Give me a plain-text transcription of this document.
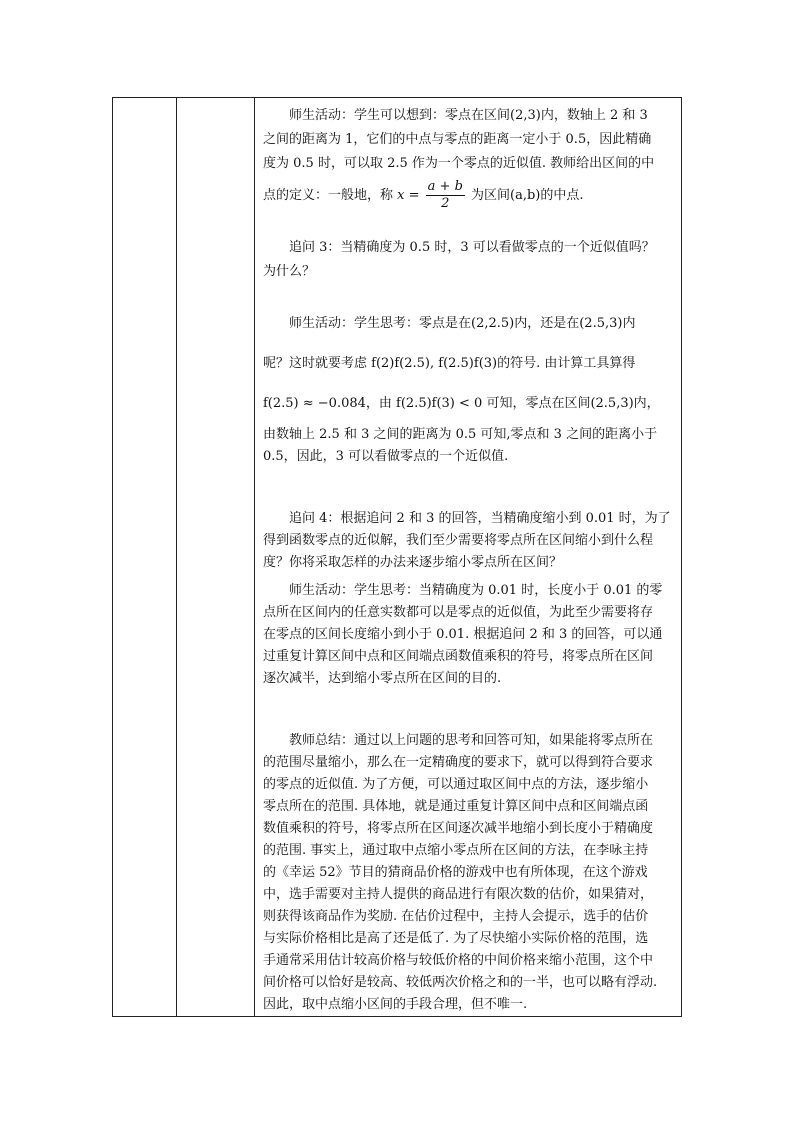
师生活动：学生可以想到：零点在区间(2,3)内，数轴上 2 和 3

之间的距离为 1，它们的中点与零点的距离一定小于 0.5，因此精确
度为 0.5 时，可以取 2.5 作为一个零点的近似值. 教师给出区间的中
点的定义：一般地，称 $x = \frac{a + b}{2}$ 为区间(a,b)的中点.

追问 3：当精确度为 0.5 时，3 可以看做零点的一个近似值吗？

为什么？

师生活动：学生思考：零点是在(2,2.5)内，还是在(2.5,3)内

呢？这时就要考虑 f(2)f(2.5), f(2.5)f(3)的符号. 由计算工具算得
f(2.5) ≈ −0.084，由 f(2.5)f(3) < 0 可知，零点在区间(2.5,3)内，
由数轴上 2.5 和 3 之间的距离为 0.5 可知,零点和 3 之间的距离小于
0.5，因此，3 可以看做零点的一个近似值.

追问 4：根据追问 2 和 3 的回答，当精确度缩小到 0.01 时，为了

得到函数零点的近似解，我们至少需要将零点所在区间缩小到什么程
度？你将采取怎样的办法来逐步缩小零点所在区间？

师生活动：学生思考：当精确度为 0.01 时，长度小于 0.01 的零

点所在区间内的任意实数都可以是零点的近似值，为此至少需要将存
在零点的区间长度缩小到小于 0.01. 根据追问 2 和 3 的回答，可以通
过重复计算区间中点和区间端点函数值乘积的符号，将零点所在区间
逐次减半，达到缩小零点所在区间的目的.

教师总结：通过以上问题的思考和回答可知，如果能将零点所在

的范围尽量缩小，那么在一定精确度的要求下，就可以得到符合要求
的零点的近似值. 为了方便，可以通过取区间中点的方法，逐步缩小
零点所在的范围. 具体地，就是通过重复计算区间中点和区间端点函
数值乘积的符号，将零点所在区间逐次减半地缩小到长度小于精确度
的范围. 事实上，通过取中点缩小零点所在区间的方法，在李咏主持
的《幸运 52》节目的猜商品价格的游戏中也有所体现，在这个游戏
中，选手需要对主持人提供的商品进行有限次数的估价，如果猜对，
则获得该商品作为奖励. 在估价过程中，主持人会提示，选手的估价
与实际价格相比是高了还是低了. 为了尽快缩小实际价格的范围，选
手通常采用估计较高价格与较低价格的中间价格来缩小范围，这个中
间价格可以恰好是较高、较低两次价格之和的一半，也可以略有浮动.
因此，取中点缩小区间的手段合理，但不唯一.
